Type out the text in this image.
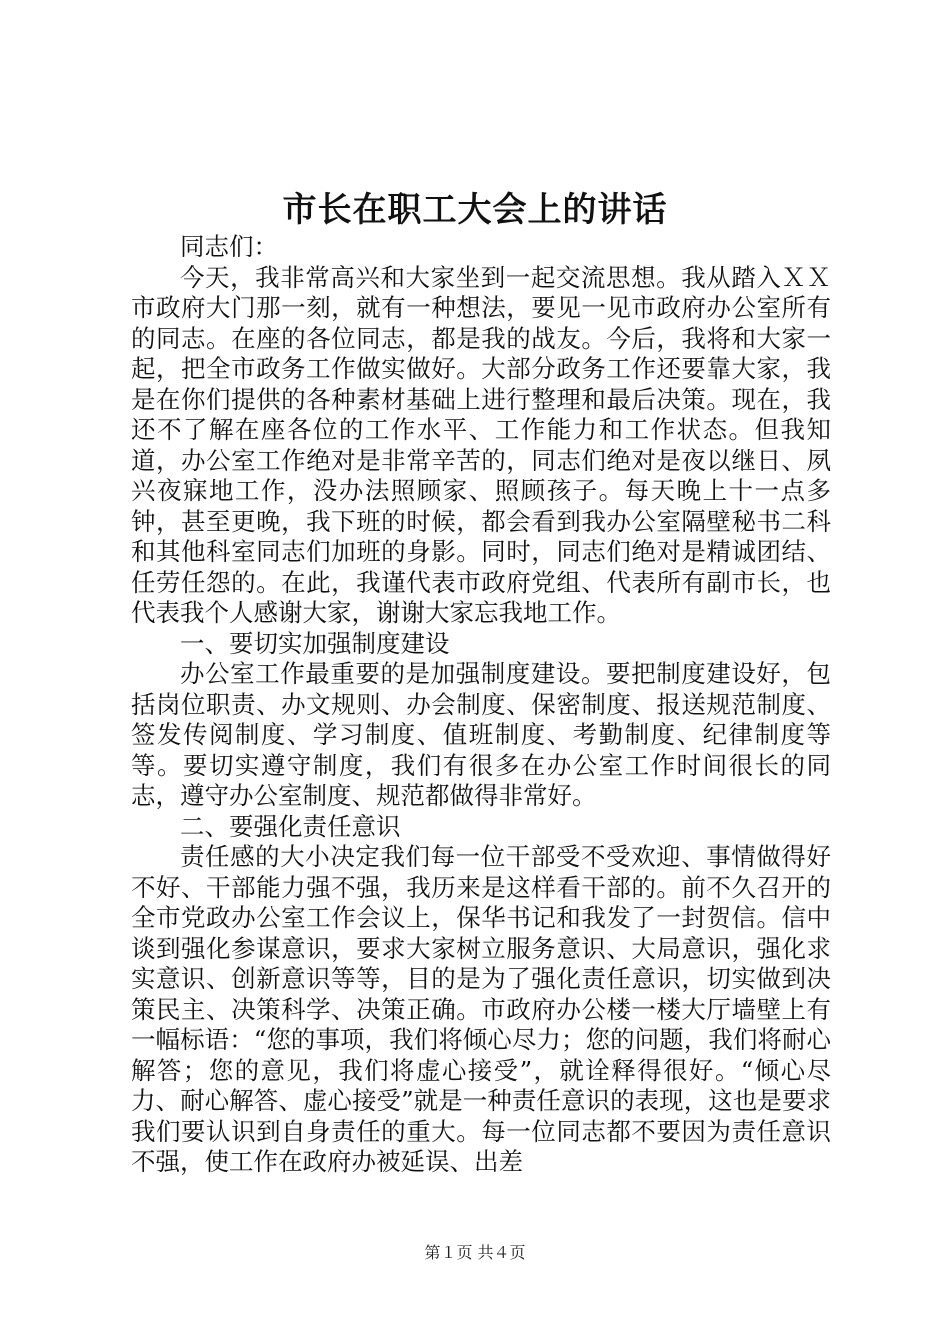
市长在职工大会上的讲话

同志们：

今天，我非常高兴和大家坐到一起交流思想。我从踏入ＸＸ市政府大门那一刻，就有一种想法，要见一见市政府办公室所有的同志。在座的各位同志，都是我的战友。今后，我将和大家一起，把全市政务工作做实做好。大部分政务工作还要靠大家，我是在你们提供的各种素材基础上进行整理和最后决策。现在，我还不了解在座各位的工作水平、工作能力和工作状态。但我知道，办公室工作绝对是非常辛苦的，同志们绝对是夜以继日、夙兴夜寐地工作，没办法照顾家、照顾孩子。每天晚上十一点多钟，甚至更晚，我下班的时候，都会看到我办公室隔壁秘书二科和其他科室同志们加班的身影。同时，同志们绝对是精诚团结、任劳任怨的。在此，我谨代表市政府党组、代表所有副市长，也代表我个人感谢大家，谢谢大家忘我地工作。

一、要切实加强制度建设

办公室工作最重要的是加强制度建设。要把制度建设好，包括岗位职责、办文规则、办会制度、保密制度、报送规范制度、签发传阅制度、学习制度、值班制度、考勤制度、纪律制度等等。要切实遵守制度，我们有很多在办公室工作时间很长的同志，遵守办公室制度、规范都做得非常好。

二、要强化责任意识

责任感的大小决定我们每一位干部受不受欢迎、事情做得好不好、干部能力强不强，我历来是这样看干部的。前不久召开的全市党政办公室工作会议上，保华书记和我发了一封贺信。信中谈到强化参谋意识，要求大家树立服务意识、大局意识，强化求实意识、创新意识等等，目的是为了强化责任意识，切实做到决策民主、决策科学、决策正确。市政府办公楼一楼大厅墙壁上有一幅标语：“您的事项，我们将倾心尽力；您的问题，我们将耐心解答；您的意见，我们将虚心接受”，就诠释得很好。“倾心尽力、耐心解答、虚心接受”就是一种责任意识的表现，这也是要求我们要认识到自身责任的重大。每一位同志都不要因为责任意识不强，使工作在政府办被延误、出差

第１页 共４页
